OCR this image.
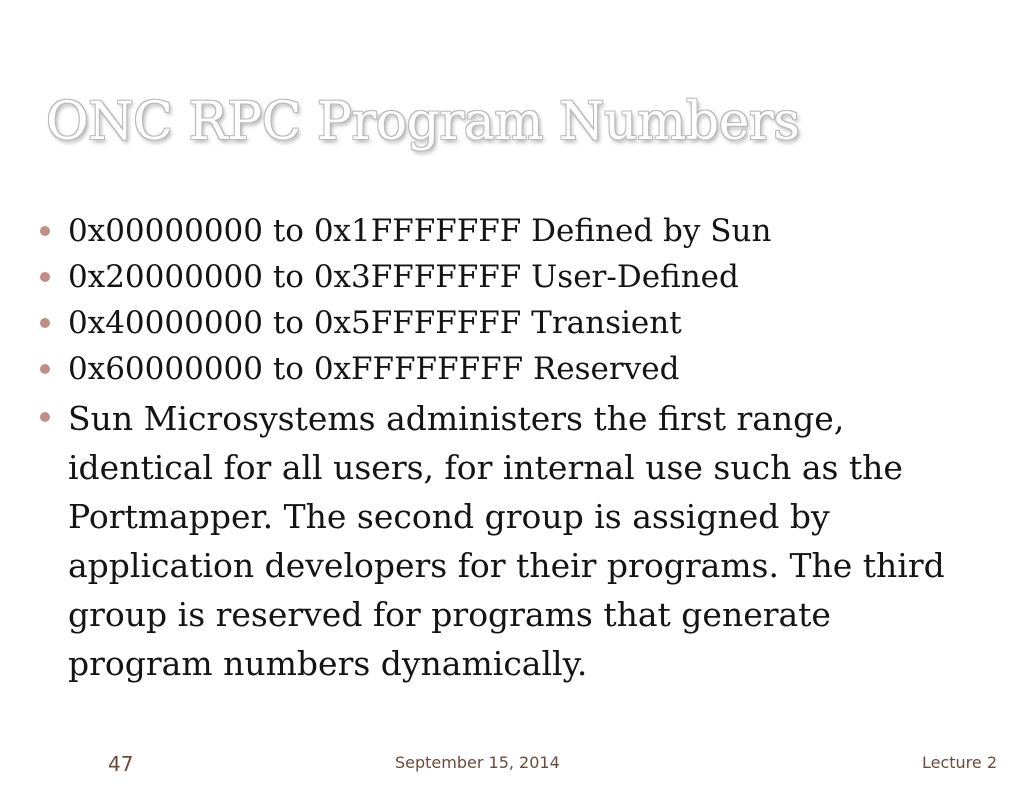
ONC RPC Program Numbers
0x00000000 to 0x1FFFFFFF Defined by Sun
0x20000000 to 0x3FFFFFFF User-Defined
0x40000000 to 0x5FFFFFFF Transient
0x60000000 to 0xFFFFFFFF Reserved
Sun Microsystems administers the first range, identical for all users, for internal use such as the Portmapper. The second group is assigned by application developers for their programs. The third group is reserved for programs that generate program numbers dynamically.
47	September 15, 2014	Lecture 2
